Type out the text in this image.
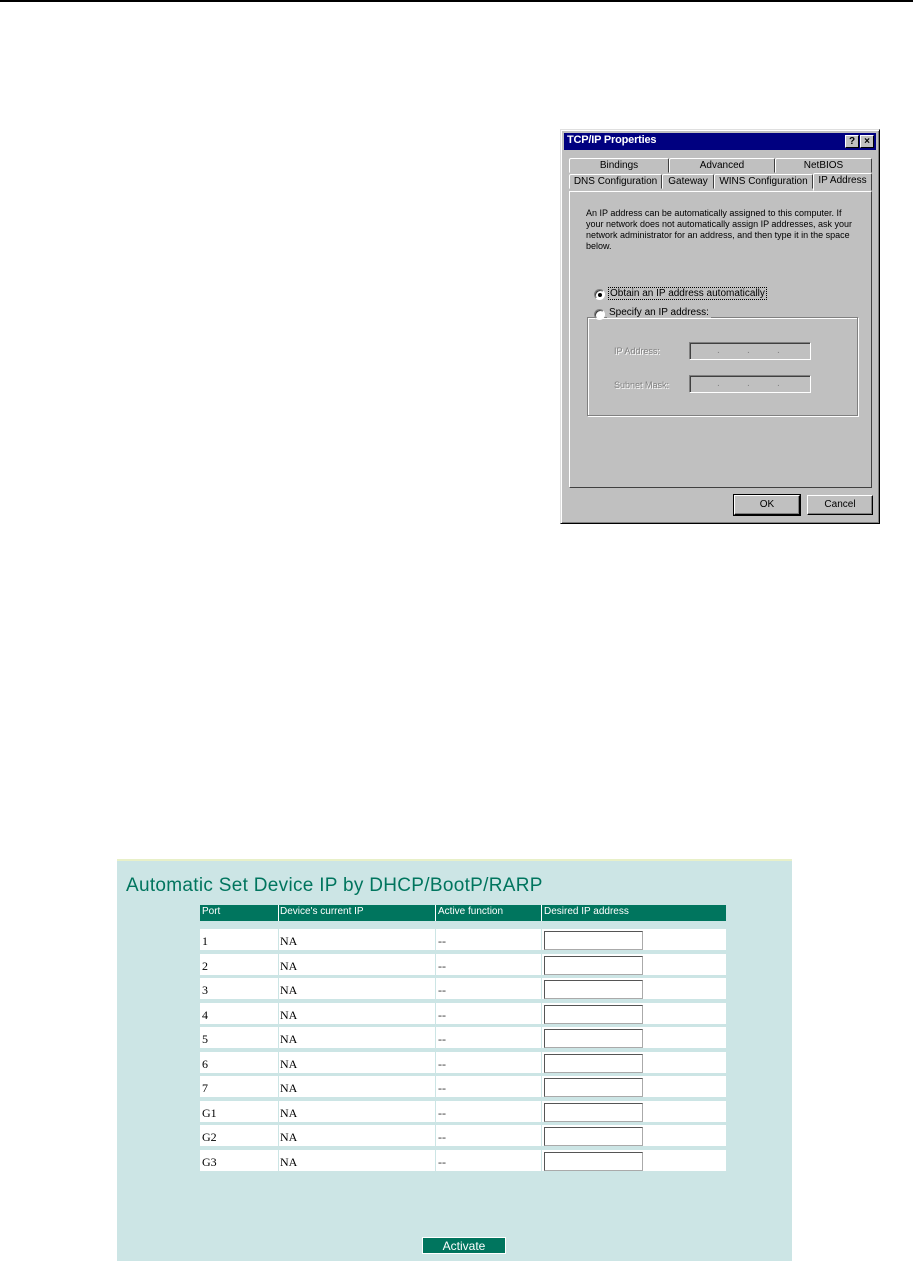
TCP/IP Properties	? ×
Bindings	Advanced	NetBIOS
DNS Configuration	Gateway	WINS Configuration	IP Address
An IP address can be automatically assigned to this computer. If your network does not automatically assign IP addresses, ask your network administrator for an address, and then type it in the space below.
Obtain an IP address automatically
IP Address:	.	.	.
Subnet Mask:	.	.	.
Specify an IP address:
OK	Cancel
Automatic Set Device IP by DHCP/BootP/RARP
Port	Device's current IP	Active function	Desired IP address
1	NA	--
2	NA	--
3	NA	--
4	NA	--
5	NA	--
6	NA	--
7	NA	--
G1	NA	--
G2	NA	--
G3	NA	--
Activate
